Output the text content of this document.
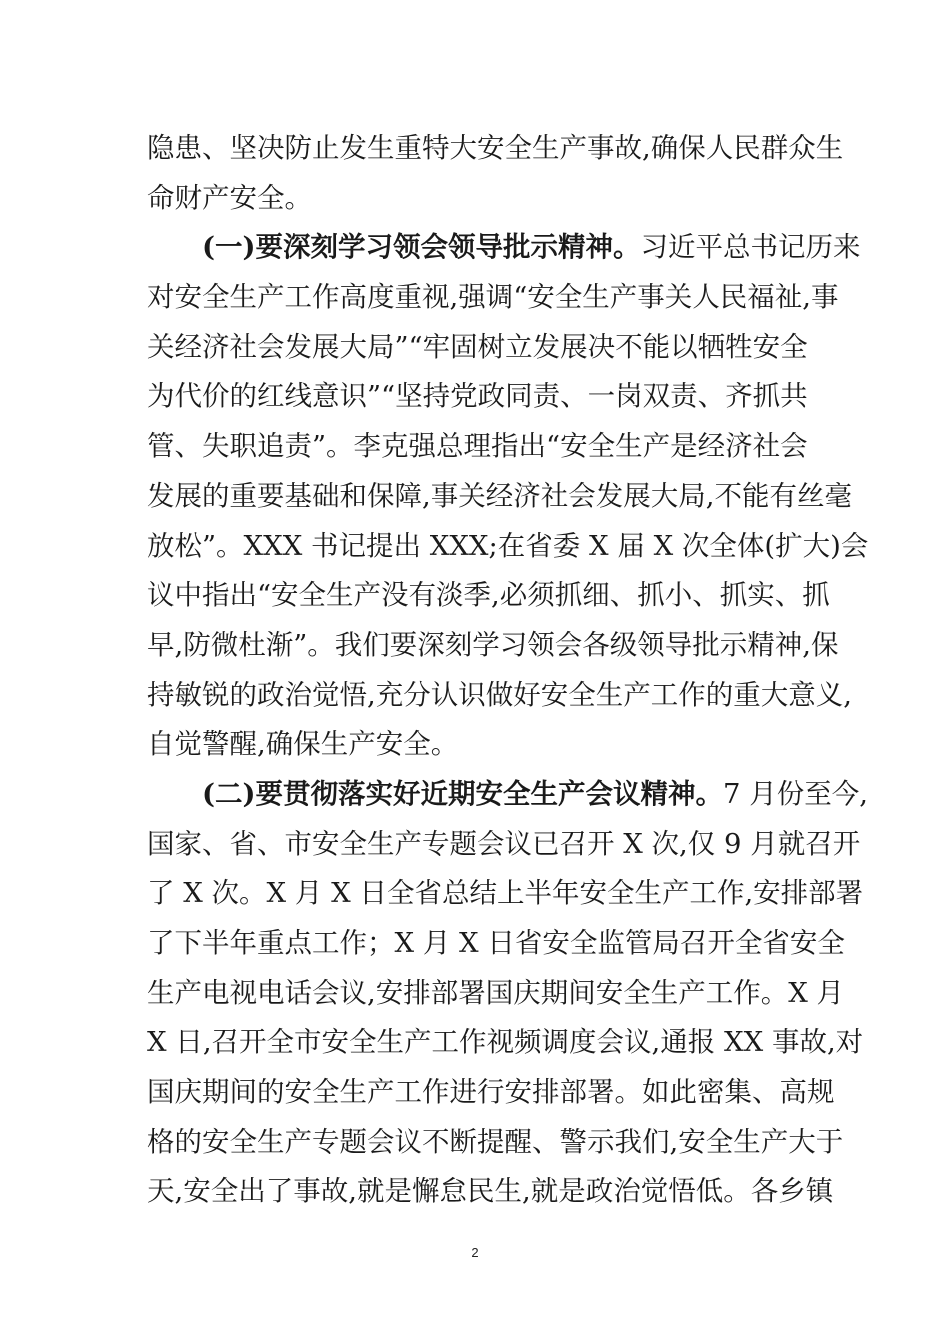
隐患、坚决防止发生重特大安全生产事故,确保人民群众生
命财产安全。
(一)要深刻学习领会领导批示精神。习近平总书记历来
对安全生产工作高度重视,强调“安全生产事关人民福祉,事
关经济社会发展大局”“牢固树立发展决不能以牺牲安全
为代价的红线意识”“坚持党政同责、一岗双责、齐抓共
管、失职追责”。李克强总理指出“安全生产是经济社会
发展的重要基础和保障,事关经济社会发展大局,不能有丝毫
放松”。XXX 书记提出 XXX;在省委 X 届 X 次全体(扩大)会
议中指出“安全生产没有淡季,必须抓细、抓小、抓实、抓
早,防微杜渐”。我们要深刻学习领会各级领导批示精神,保
持敏锐的政治觉悟,充分认识做好安全生产工作的重大意义,
自觉警醒,确保生产安全。
(二)要贯彻落实好近期安全生产会议精神。7 月份至今,
国家、省、市安全生产专题会议已召开 X 次,仅 9 月就召开
了 X 次。X 月 X 日全省总结上半年安全生产工作,安排部署
了下半年重点工作；X 月 X 日省安全监管局召开全省安全
生产电视电话会议,安排部署国庆期间安全生产工作。X 月
X 日,召开全市安全生产工作视频调度会议,通报 XX 事故,对
国庆期间的安全生产工作进行安排部署。如此密集、高规
格的安全生产专题会议不断提醒、警示我们,安全生产大于
天,安全出了事故,就是懈怠民生,就是政治觉悟低。各乡镇
2
